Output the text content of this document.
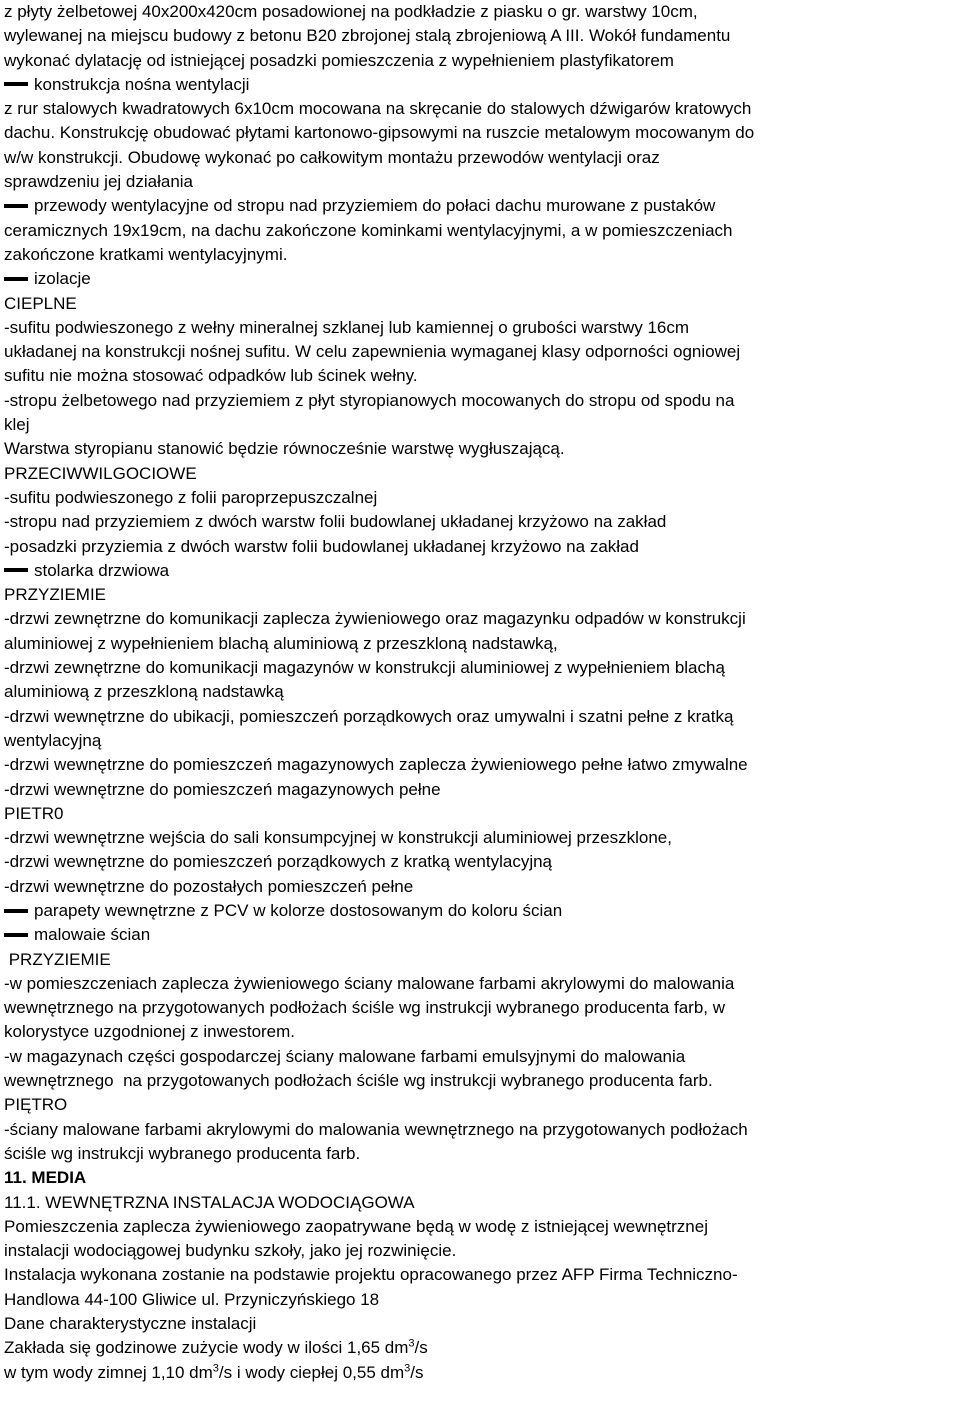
z płyty żelbetowej 40x200x420cm posadowionej na podkładzie z piasku o gr. warstwy 10cm,

wylewanej na miejscu budowy z betonu B20 zbrojonej stalą zbrojeniową A III. Wokół fundamentu

wykonać dylatację od istniejącej posadzki pomieszczenia z wypełnieniem plastyfikatorem

konstrukcja nośna wentylacji

z rur stalowych kwadratowych 6x10cm mocowana na skręcanie do stalowych dźwigarów kratowych

dachu. Konstrukcję obudować płytami kartonowo-gipsowymi na ruszcie metalowym mocowanym do

w/w konstrukcji. Obudowę wykonać po całkowitym montażu przewodów wentylacji oraz

sprawdzeniu jej działania

przewody wentylacyjne od stropu nad przyziemiem do połaci dachu murowane z pustaków

ceramicznych 19x19cm, na dachu zakończone kominkami wentylacyjnymi, a w pomieszczeniach

zakończone kratkami wentylacyjnymi.

izolacje

CIEPLNE

-sufitu podwieszonego z wełny mineralnej szklanej lub kamiennej o grubości warstwy 16cm

układanej na konstrukcji nośnej sufitu. W celu zapewnienia wymaganej klasy odporności ogniowej

sufitu nie można stosować odpadków lub ścinek wełny.

-stropu żelbetowego nad przyziemiem z płyt styropianowych mocowanych do stropu od spodu na

klej

Warstwa styropianu stanowić będzie równocześnie warstwę wygłuszającą.

PRZECIWWILGOCIOWE

-sufitu podwieszonego z folii paroprzepuszczalnej

-stropu nad przyziemiem z dwóch warstw folii budowlanej układanej krzyżowo na zakład

-posadzki przyziemia z dwóch warstw folii budowlanej układanej krzyżowo na zakład

stolarka drzwiowa

PRZYZIEMIE

-drzwi zewnętrzne do komunikacji zaplecza żywieniowego oraz magazynku odpadów w konstrukcji

aluminiowej z wypełnieniem blachą aluminiową z przeszkloną nadstawką,

-drzwi zewnętrzne do komunikacji magazynów w konstrukcji aluminiowej z wypełnieniem blachą

aluminiową z przeszkloną nadstawką

-drzwi wewnętrzne do ubikacji, pomieszczeń porządkowych oraz umywalni i szatni pełne z kratką

wentylacyjną

-drzwi wewnętrzne do pomieszczeń magazynowych zaplecza żywieniowego pełne łatwo zmywalne

-drzwi wewnętrzne do pomieszczeń magazynowych pełne

PIETR0

-drzwi wewnętrzne wejścia do sali konsumpcyjnej w konstrukcji aluminiowej przeszklone,

-drzwi wewnętrzne do pomieszczeń porządkowych z kratką wentylacyjną

-drzwi wewnętrzne do pozostałych pomieszczeń pełne

parapety wewnętrzne z PCV w kolorze dostosowanym do koloru ścian

malowaie ścian

PRZYZIEMIE

-w pomieszczeniach zaplecza żywieniowego ściany malowane farbami akrylowymi do malowania

wewnętrznego na przygotowanych podłożach ściśle wg instrukcji wybranego producenta farb, w

kolorystyce uzgodnionej z inwestorem.

-w magazynach części gospodarczej ściany malowane farbami emulsyjnymi do malowania

wewnętrznego  na przygotowanych podłożach ściśle wg instrukcji wybranego producenta farb.

PIĘTRO

-ściany malowane farbami akrylowymi do malowania wewnętrznego na przygotowanych podłożach

ściśle wg instrukcji wybranego producenta farb.

11. MEDIA

11.1. WEWNĘTRZNA INSTALACJA WODOCIĄGOWA

Pomieszczenia zaplecza żywieniowego zaopatrywane będą w wodę z istniejącej wewnętrznej

instalacji wodociągowej budynku szkoły, jako jej rozwinięcie.

Instalacja wykonana zostanie na podstawie projektu opracowanego przez AFP Firma Techniczno-

Handlowa 44-100 Gliwice ul. Przyniczyńskiego 18

Dane charakterystyczne instalacji

Zakłada się godzinowe zużycie wody w ilości 1,65 $dm^3/s$

w tym wody zimnej 1,10 $dm^3/s$ i wody ciepłej 0,55 $dm^3/s$
